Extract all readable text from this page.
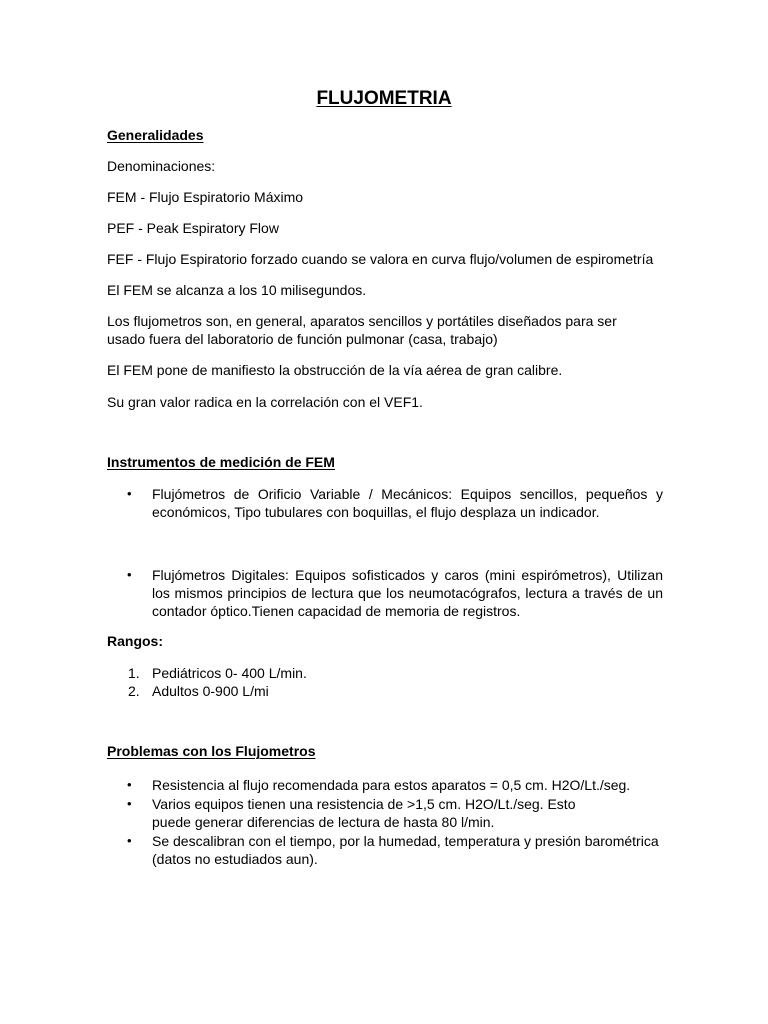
FLUJOMETRIA
Generalidades
Denominaciones:
FEM - Flujo Espiratorio Máximo
PEF - Peak Espiratory Flow
FEF - Flujo Espiratorio forzado cuando se valora en curva flujo/volumen de espirometría
El FEM se alcanza a los 10 milisegundos.
Los flujometros son, en general, aparatos sencillos y portátiles diseñados para ser usado fuera del laboratorio de función pulmonar (casa, trabajo)
El FEM pone de manifiesto la obstrucción de la vía aérea de gran calibre.
Su gran valor radica en la correlación con el VEF1.
Instrumentos de medición de FEM
• Flujómetros de Orificio Variable / Mecánicos: Equipos sencillos, pequeños y económicos, Tipo tubulares con boquillas, el flujo desplaza un indicador.
• Flujómetros Digitales: Equipos sofisticados y caros (mini espirómetros), Utilizan los mismos principios de lectura que los neumotacógrafos, lectura a través de un contador óptico.Tienen capacidad de memoria de registros.
Rangos:
1. Pediátricos 0- 400 L/min.
2. Adultos 0-900 L/mi
Problemas con los Flujometros
• Resistencia al flujo recomendada para estos aparatos = 0,5 cm. H2O/Lt./seg.
• Varios equipos tienen una resistencia de >1,5 cm. H2O/Lt./seg. Esto puede generar diferencias de lectura de hasta 80 l/min.
• Se descalibran con el tiempo, por la humedad, temperatura y presión barométrica (datos no estudiados aun).
